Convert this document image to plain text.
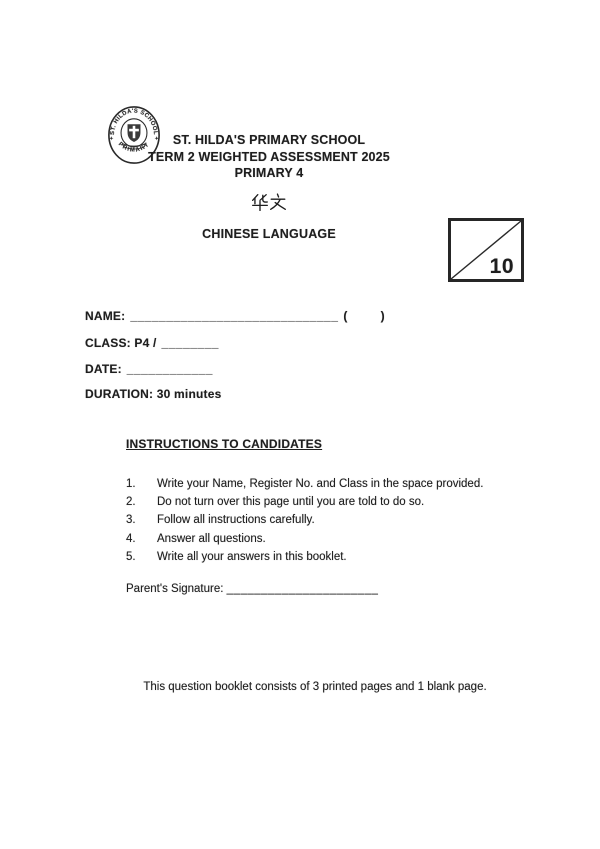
ST. HILDA'S SCHOOL
PRIMARY	ST. HILDA'S PRIMARY SCHOOL
TERM 2 WEIGHTED ASSESSMENT 2025
PRIMARY 4
CHINESE LANGUAGE
10
NAME: _____________________________ (	)
CLASS: P4 / ________
DATE: ____________
DURATION: 30 minutes
INSTRUCTIONS TO CANDIDATES
1.	Write your Name, Register No. and Class in the space provided.
2.	Do not turn over this page until you are told to do so.
3.	Follow all instructions carefully.
4.	Answer all questions.
5.	Write all your answers in this booklet.
Parent's Signature: ______________________
This question booklet consists of 3 printed pages and 1 blank page.
